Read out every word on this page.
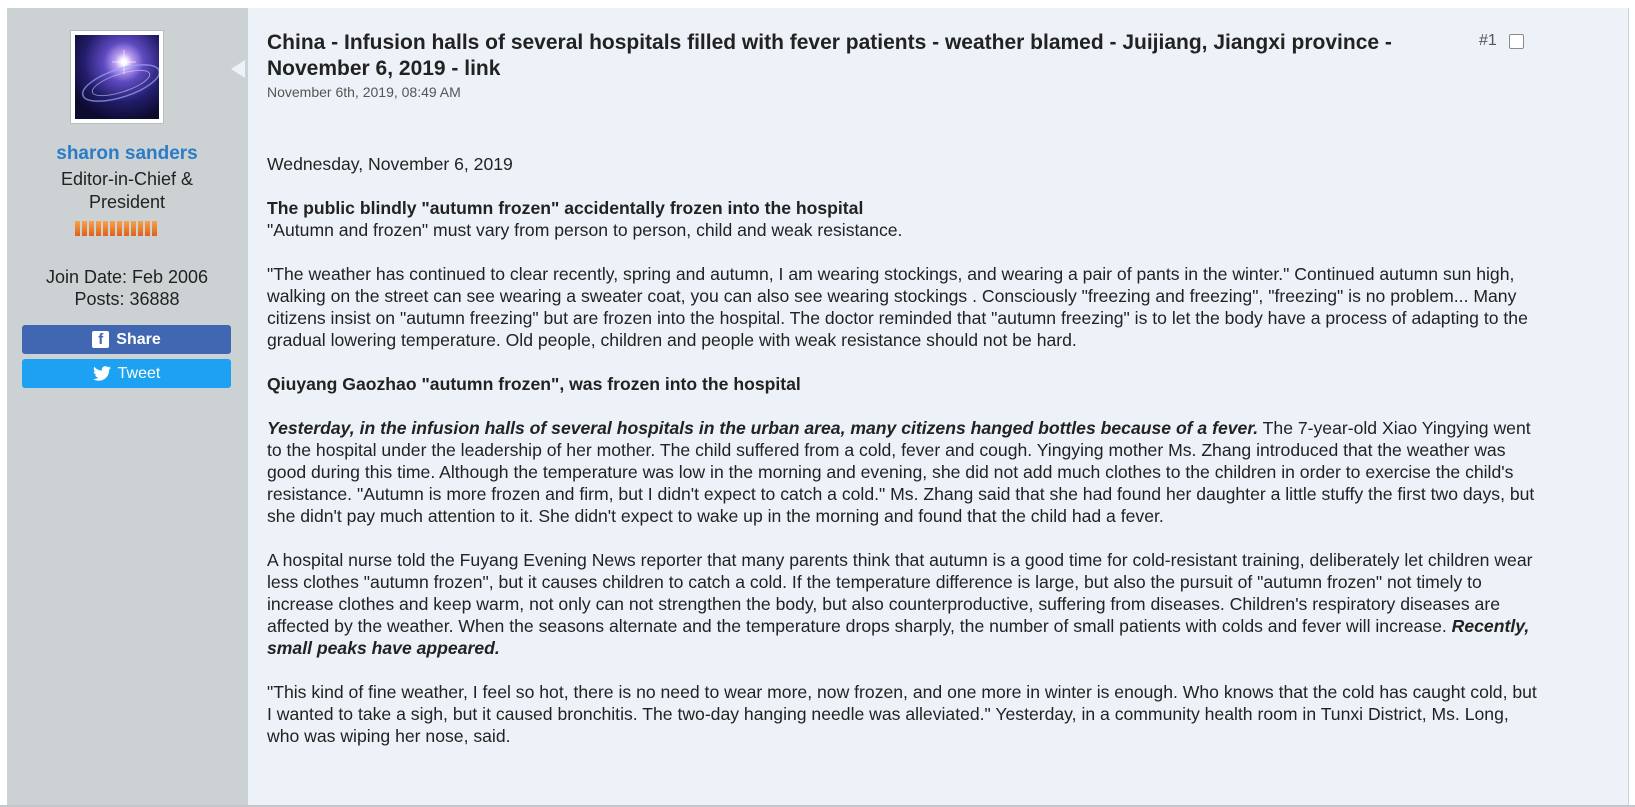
sharon sanders
Editor-in-Chief &
President
Join Date: Feb 2006
Posts: 36888
f Share
Tweet
China - Infusion halls of several hospitals filled with fever patients - weather blamed - Juijiang, Jiangxi province - November 6, 2019 - link
November 6th, 2019, 08:49 AM
#1

Wednesday, November 6, 2019

The public blindly "autumn frozen" accidentally frozen into the hospital
"Autumn and frozen" must vary from person to person, child and weak resistance.

"The weather has continued to clear recently, spring and autumn, I am wearing stockings, and wearing a pair of pants in the winter." Continued autumn sun high, walking on the street can see wearing a sweater coat, you can also see wearing stockings . Consciously "freezing and freezing", "freezing" is no problem... Many citizens insist on "autumn freezing" but are frozen into the hospital. The doctor reminded that "autumn freezing" is to let the body have a process of adapting to the gradual lowering temperature. Old people, children and people with weak resistance should not be hard.

Qiuyang Gaozhao "autumn frozen", was frozen into the hospital

Yesterday, in the infusion halls of several hospitals in the urban area, many citizens hanged bottles because of a fever. The 7-year-old Xiao Yingying went to the hospital under the leadership of her mother. The child suffered from a cold, fever and cough. Yingying mother Ms. Zhang introduced that the weather was good during this time. Although the temperature was low in the morning and evening, she did not add much clothes to the children in order to exercise the child's resistance. "Autumn is more frozen and firm, but I didn't expect to catch a cold." Ms. Zhang said that she had found her daughter a little stuffy the first two days, but she didn't pay much attention to it. She didn't expect to wake up in the morning and found that the child had a fever.

A hospital nurse told the Fuyang Evening News reporter that many parents think that autumn is a good time for cold-resistant training, deliberately let children wear less clothes "autumn frozen", but it causes children to catch a cold. If the temperature difference is large, but also the pursuit of "autumn frozen" not timely to increase clothes and keep warm, not only can not strengthen the body, but also counterproductive, suffering from diseases. Children's respiratory diseases are affected by the weather. When the seasons alternate and the temperature drops sharply, the number of small patients with colds and fever will increase. Recently, small peaks have appeared.

"This kind of fine weather, I feel so hot, there is no need to wear more, now frozen, and one more in winter is enough. Who knows that the cold has caught cold, but I wanted to take a sigh, but it caused bronchitis. The two-day hanging needle was alleviated." Yesterday, in a community health room in Tunxi District, Ms. Long, who was wiping her nose, said.
